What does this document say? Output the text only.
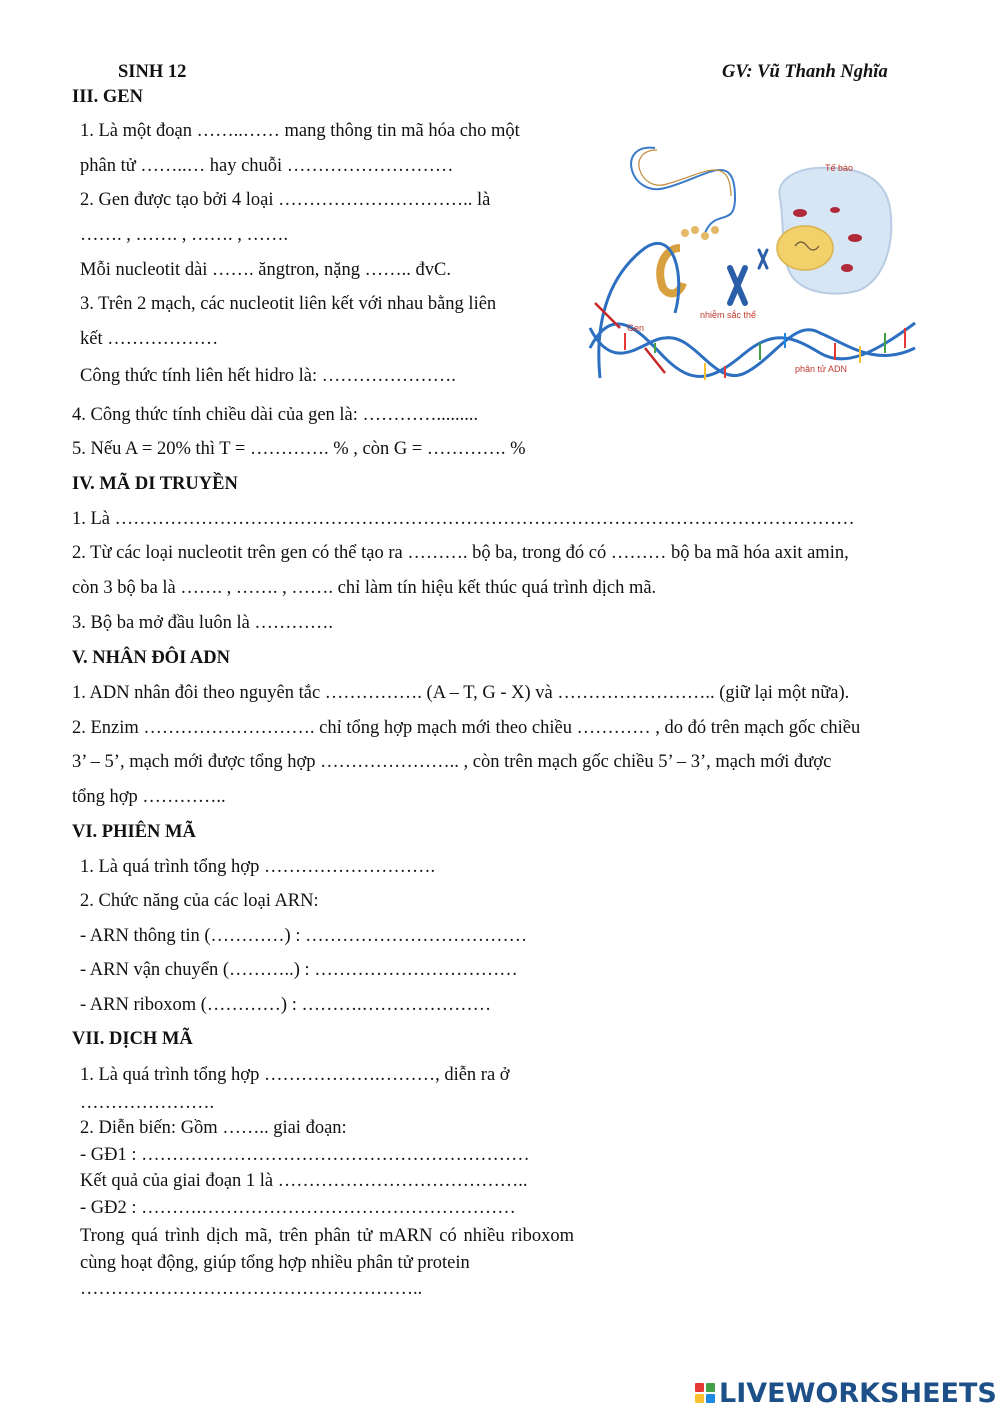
SINH 12	GV: Vũ Thanh Nghĩa
III. GEN
1. Là một đoạn ……..…… mang thông tin mã hóa cho một
phân tử ……..… hay chuỗi ………………………
2. Gen được tạo bởi 4 loại ………………………….. là
……. , ……. , ……. , …….
Mỗi nucleotit dài ……. ăngtron, nặng …….. đvC.
3. Trên 2 mạch, các nucleotit liên kết với nhau bằng liên
kết ………………
Công thức tính liên hết hidro là: ………………….
4. Công thức tính chiều dài của gen là: ………….........
5. Nếu A = 20% thì T = …………. % , còn G = …………. %
Tế bào
nhiễm sắc thể
Gen
phân tử ADN
IV. MÃ DI TRUYỀN
1. Là …………………………………………………………………………………………………………
2. Từ các loại nucleotit trên gen có thể tạo ra ………. bộ ba, trong đó có ……… bộ ba mã hóa axit amin,
còn 3 bộ ba là ……. , ……. , ……. chỉ làm tín hiệu kết thúc quá trình dịch mã.
3. Bộ ba mở đầu luôn là ………….
V. NHÂN ĐÔI ADN
1. ADN nhân đôi theo nguyên tắc ……………. (A – T, G - X) và …………………….. (giữ lại một nữa).
2. Enzim ………………………. chỉ tổng hợp mạch mới theo chiều ………… , do đó trên mạch gốc chiều
3’ – 5’, mạch mới được tổng hợp ………………….. , còn trên mạch gốc chiều 5’ – 3’, mạch mới được
tổng hợp …………..
VI. PHIÊN MÃ
1. Là quá trình tổng hợp ……………………….
2. Chức năng của các loại ARN:
- ARN thông tin (…………) : ………………………………
- ARN vận chuyển (………..) : ……………………………
- ARN riboxom (…………) : ……….…………………
VII. DỊCH MÃ
1. Là quá trình tổng hợp ……………….………, diễn ra ở
………………….
2. Diễn biến: Gồm …….. giai đoạn:
- GĐ1 : ………………………………………………………
Kết quả của giai đoạn 1 là …………………………………..
- GĐ2 : ……….……………………………………………
Trong quá trình dịch mã, trên phân tử mARN có nhiều riboxom cùng hoạt động, giúp tổng hợp nhiều phân tử protein
………………………………………………..
LIVEWORKSHEETS
